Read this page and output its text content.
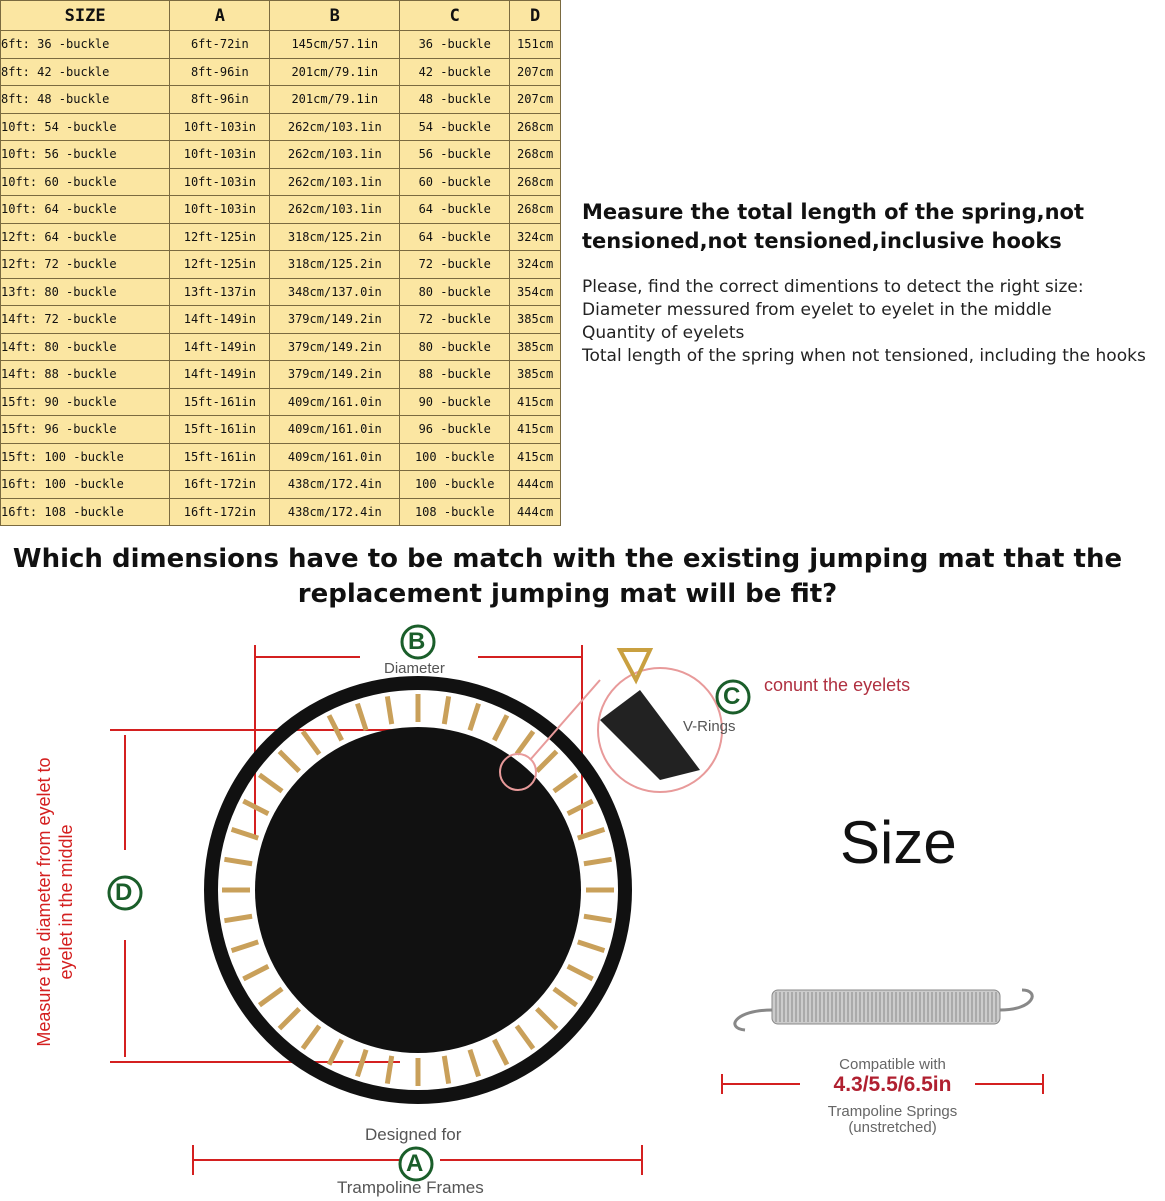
SIZE	A	B	C	D
6ft: 36 -buckle	6ft-72in	145cm/57.1in	36 -buckle	151cm
8ft: 42 -buckle	8ft-96in	201cm/79.1in	42 -buckle	207cm
8ft: 48 -buckle	8ft-96in	201cm/79.1in	48 -buckle	207cm
10ft: 54 -buckle	10ft-103in	262cm/103.1in	54 -buckle	268cm
10ft: 56 -buckle	10ft-103in	262cm/103.1in	56 -buckle	268cm
10ft: 60 -buckle	10ft-103in	262cm/103.1in	60 -buckle	268cm
10ft: 64 -buckle	10ft-103in	262cm/103.1in	64 -buckle	268cm
12ft: 64 -buckle	12ft-125in	318cm/125.2in	64 -buckle	324cm
12ft: 72 -buckle	12ft-125in	318cm/125.2in	72 -buckle	324cm
13ft: 80 -buckle	13ft-137in	348cm/137.0in	80 -buckle	354cm
14ft: 72 -buckle	14ft-149in	379cm/149.2in	72 -buckle	385cm
14ft: 80 -buckle	14ft-149in	379cm/149.2in	80 -buckle	385cm
14ft: 88 -buckle	14ft-149in	379cm/149.2in	88 -buckle	385cm
15ft: 90 -buckle	15ft-161in	409cm/161.0in	90 -buckle	415cm
15ft: 96 -buckle	15ft-161in	409cm/161.0in	96 -buckle	415cm
15ft: 100 -buckle	15ft-161in	409cm/161.0in	100 -buckle	415cm
16ft: 100 -buckle	16ft-172in	438cm/172.4in	100 -buckle	444cm
16ft: 108 -buckle	16ft-172in	438cm/172.4in	108 -buckle	444cm
Measure the total length of the spring,not tensioned,not tensioned,inclusive hooks
Please, find the correct dimentions to detect the right size:
Diameter messured from eyelet to eyelet in the middle
Quantity of eyelets
Total length of the spring when not tensioned, including the hooks
Which dimensions have to be match with the existing jumping mat that the replacement jumping mat will be fit?
B
Diameter
C conunt the eyelets
V-Rings
D
Measure the diameter from eyelet to eyelet in the middle
A
Designed for
Trampoline Frames
Size
Compatible with
4.3/5.5/6.5in
Trampoline Springs
(unstretched)
